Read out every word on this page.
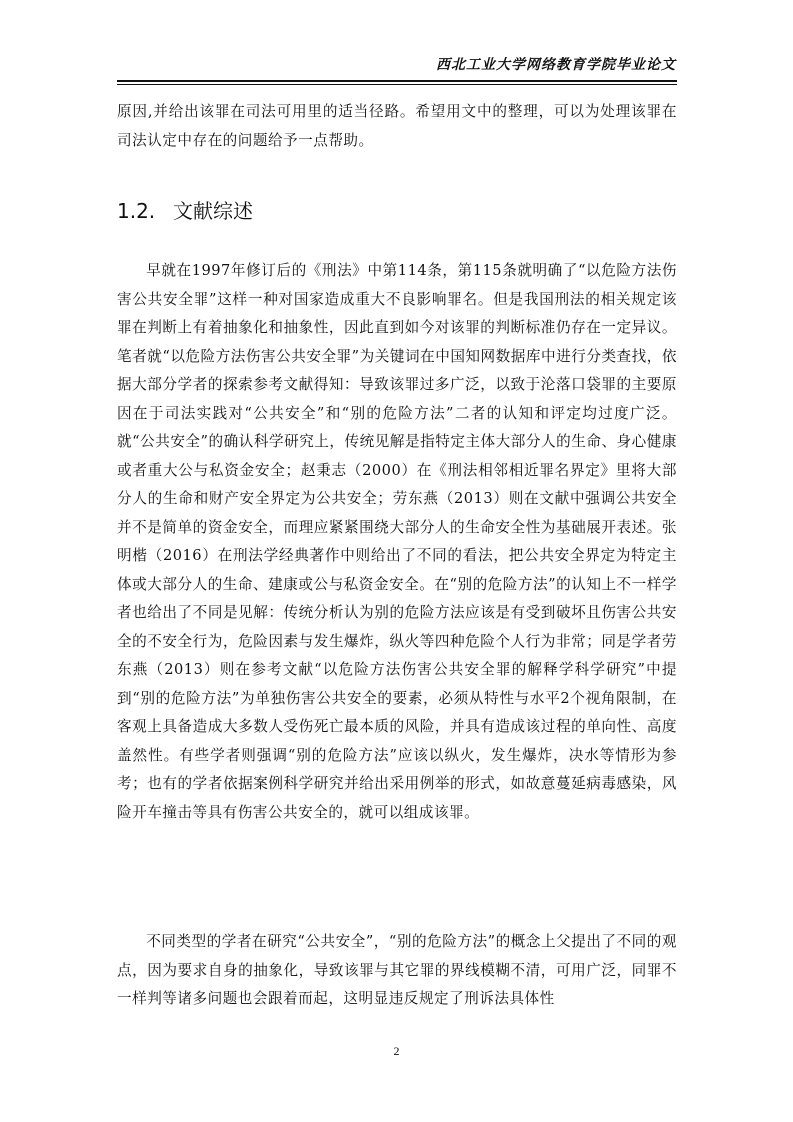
西北工业大学网络教育学院毕业论文

原因,并给出该罪在司法可用里的适当径路。希望用文中的整理，可以为处理该罪在司法认定中存在的问题给予一点帮助。

1.2. 文献综述

早就在1997年修订后的《刑法》中第114条，第115条就明确了“以危险方法伤害公共安全罪”这样一种对国家造成重大不良影响罪名。但是我国刑法的相关规定该罪在判断上有着抽象化和抽象性，因此直到如今对该罪的判断标准仍存在一定异议。笔者就“以危险方法伤害公共安全罪”为关键词在中国知网数据库中进行分类查找，依据大部分学者的探索参考文献得知：导致该罪过多广泛，以致于沦落口袋罪的主要原因在于司法实践对“公共安全”和“别的危险方法”二者的认知和评定均过度广泛。就“公共安全”的确认科学研究上，传统见解是指特定主体大部分人的生命、身心健康或者重大公与私资金安全；赵秉志（2000）在《刑法相邻相近罪名界定》里将大部分人的生命和财产安全界定为公共安全；劳东燕（2013）则在文献中强调公共安全并不是简单的资金安全，而理应紧紧围绕大部分人的生命安全性为基础展开表述。张明楷（2016）在刑法学经典著作中则给出了不同的看法，把公共安全界定为特定主体或大部分人的生命、建康或公与私资金安全。在“别的危险方法”的认知上不一样学者也给出了不同是见解：传统分析认为别的危险方法应该是有受到破坏且伤害公共安全的不安全行为，危险因素与发生爆炸，纵火等四种危险个人行为非常；同是学者劳东燕（2013）则在参考文献“以危险方法伤害公共安全罪的解释学科学研究”中提到“别的危险方法”为单独伤害公共安全的要素，必须从特性与水平2个视角限制，在客观上具备造成大多数人受伤死亡最本质的风险，并具有造成该过程的单向性、高度盖然性。有些学者则强调“别的危险方法”应该以纵火，发生爆炸，决水等情形为参考；也有的学者依据案例科学研究并给出采用例举的形式，如故意蔓延病毒感染，风险开车撞击等具有伤害公共安全的，就可以组成该罪。

不同类型的学者在研究“公共安全”，“别的危险方法”的概念上父提出了不同的观点，因为要求自身的抽象化，导致该罪与其它罪的界线模糊不清，可用广泛，同罪不一样判等诸多问题也会跟着而起，这明显违反规定了刑诉法具体性

2
